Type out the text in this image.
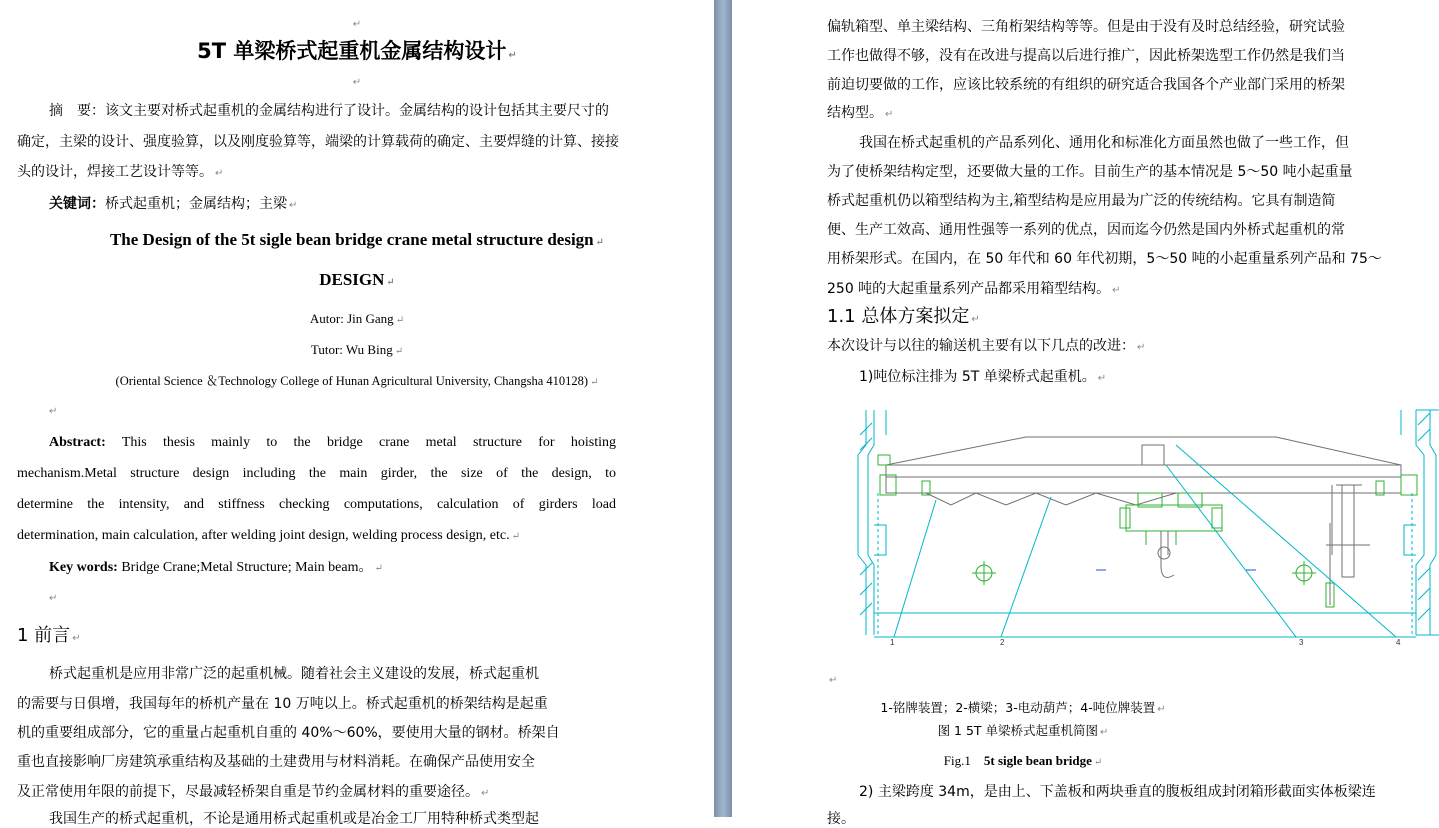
↵
5T 单梁桥式起重机金属结构设计 ↵
↵
摘　要：该文主要对桥式起重机的金属结构进行了设计。金属结构的设计包括其主要尺寸的
确定，主梁的设计、强度验算，以及刚度验算等，端梁的计算载荷的确定、主要焊缝的计算、接接
头的设计，焊接工艺设计等等。 ↵
关键词：桥式起重机；金属结构；主梁 ↵
The Design of the 5t sigle bean bridge crane metal structure design ↵
DESIGN ↵
Autor: Jin Gang ↵
Tutor: Wu Bing ↵
(Oriental Science ＆Technology College of Hunan Agricultural University, Changsha 410128) ↵
↵
Abstract: This thesis mainly to the bridge crane metal structure for hoisting
mechanism.Metal structure design including the main girder, the size of the design, to
determine the intensity, and stiffness checking computations, calculation of girders load
determination, main calculation, after welding joint design, welding process design, etc. ↵
Key words: Bridge Crane;Metal Structure; Main beam。 ↵
↵
1 前言 ↵
桥式起重机是应用非常广泛的起重机械。随着社会主义建设的发展，桥式起重机
的需要与日俱增，我国每年的桥机产量在 10 万吨以上。桥式起重机的桥架结构是起重
机的重要组成部分，它的重量占起重机自重的 40%～60%，要使用大量的钢材。桥架自
重也直接影响厂房建筑承重结构及基础的土建费用与材料消耗。在确保产品使用安全
及正常使用年限的前提下，尽最减轻桥架自重是节约金属材料的重要途径。 ↵
我国生产的桥式起重机，不论是通用桥式起重机或是冶金工厂用特种桥式类型起
偏轨箱型、单主梁结构、三角桁架结构等等。但是由于没有及时总结经验，研究试验
工作也做得不够，没有在改进与提高以后进行推广，因此桥架选型工作仍然是我们当
前迫切要做的工作，应该比较系统的有组织的研究适合我国各个产业部门采用的桥架
结构型。 ↵
我国在桥式起重机的产品系列化、通用化和标准化方面虽然也做了一些工作，但
为了使桥架结构定型，还要做大量的工作。目前生产的基本情况是 5～50 吨小起重量
桥式起重机仍以箱型结构为主,箱型结构是应用最为广泛的传统结构。它具有制造简
便、生产工效高、通用性强等一系列的优点，因而迄今仍然是国内外桥式起重机的常
用桥架形式。在国内，在 50 年代和 60 年代初期，5～50 吨的小起重量系列产品和 75～
250 吨的大起重量系列产品都采用箱型结构。 ↵
1.1 总体方案拟定 ↵
本次设计与以往的输送机主要有以下几点的改进： ↵
1)吨位标注排为 5T 单梁桥式起重机。 ↵
↵
1-铭牌装置；2-横梁；3-电动葫芦；4-吨位牌装置 ↵
图 1 5T 单梁桥式起重机简图 ↵
Fig.1 5t sigle bean bridge ↵
2) 主梁跨度 34m，是由上、下盖板和两块垂直的腹板组成封闭箱形截面实体板梁连
接。
1	2	3	4
